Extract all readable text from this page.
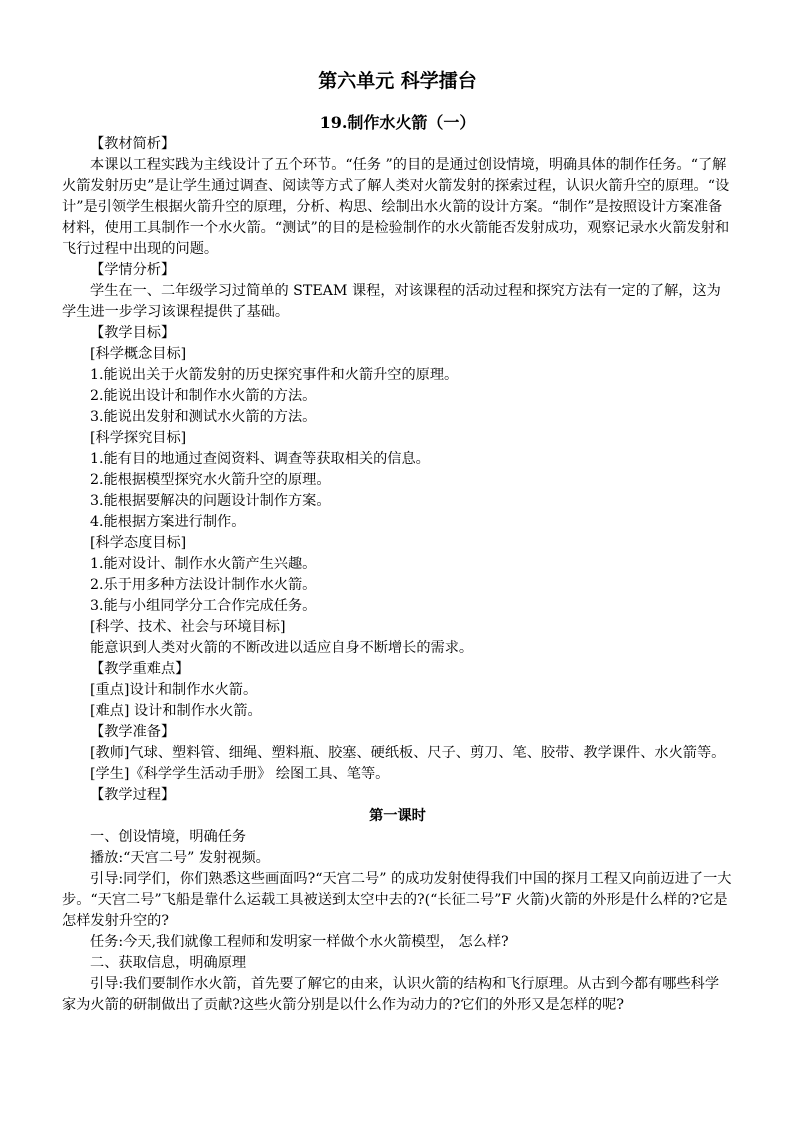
第六单元 科学擂台

19.制作水火箭（一）

【教材简析】

本课以工程实践为主线设计了五个环节。“任务 ”的目的是通过创设情境，明确具体的制作任务。“了解火箭发射历史”是让学生通过调查、阅读等方式了解人类对火箭发射的探索过程，认识火箭升空的原理。“设计”是引领学生根据火箭升空的原理，分析、构思、绘制出水火箭的设计方案。“制作”是按照设计方案准备材料，使用工具制作一个水火箭。“测试”的目的是检验制作的水火箭能否发射成功，观察记录水火箭发射和飞行过程中出现的问题。

【学情分析】

学生在一、二年级学习过简单的 STEAM 课程，对该课程的活动过程和探究方法有一定的了解，这为学生进一步学习该课程提供了基础。

【教学目标】

[科学概念目标]

1.能说出关于火箭发射的历史探究事件和火箭升空的原理。

2.能说出设计和制作水火箭的方法。

3.能说出发射和测试水火箭的方法。

[科学探究目标]

1.能有目的地通过查阅资料、调查等获取相关的信息。

2.能根据模型探究水火箭升空的原理。

3.能根据要解决的问题设计制作方案。

4.能根据方案进行制作。

[科学态度目标]

1.能对设计、制作水火箭产生兴趣。

2.乐于用多种方法设计制作水火箭。

3.能与小组同学分工合作完成任务。

[科学、技术、社会与环境目标]

能意识到人类对火箭的不断改进以适应自身不断增长的需求。

【教学重难点】

[重点]设计和制作水火箭。

[难点] 设计和制作水火箭。

【教学准备】

[教师]气球、塑料管、细绳、塑料瓶、胶塞、硬纸板、尺子、剪刀、笔、胶带、教学课件、水火箭等。

[学生]《科学学生活动手册》 绘图工具、笔等。

【教学过程】

第一课时

一、创设情境，明确任务

播放:“天宫二号” 发射视频。

引导:同学们，你们熟悉这些画面吗?“天宫二号” 的成功发射使得我们中国的探月工程又向前迈进了一大步。“天宫二号”飞船是靠什么运载工具被送到太空中去的?(“长征二号”F 火箭)火箭的外形是什么样的?它是怎样发射升空的?

任务:今天,我们就像工程师和发明家一样做个水火箭模型， 怎么样?

二、获取信息，明确原理

引导:我们要制作水火箭，首先要了解它的由来，认识火箭的结构和飞行原理。从古到今都有哪些科学家为火箭的研制做出了贡献?这些火箭分别是以什么作为动力的?它们的外形又是怎样的呢?
